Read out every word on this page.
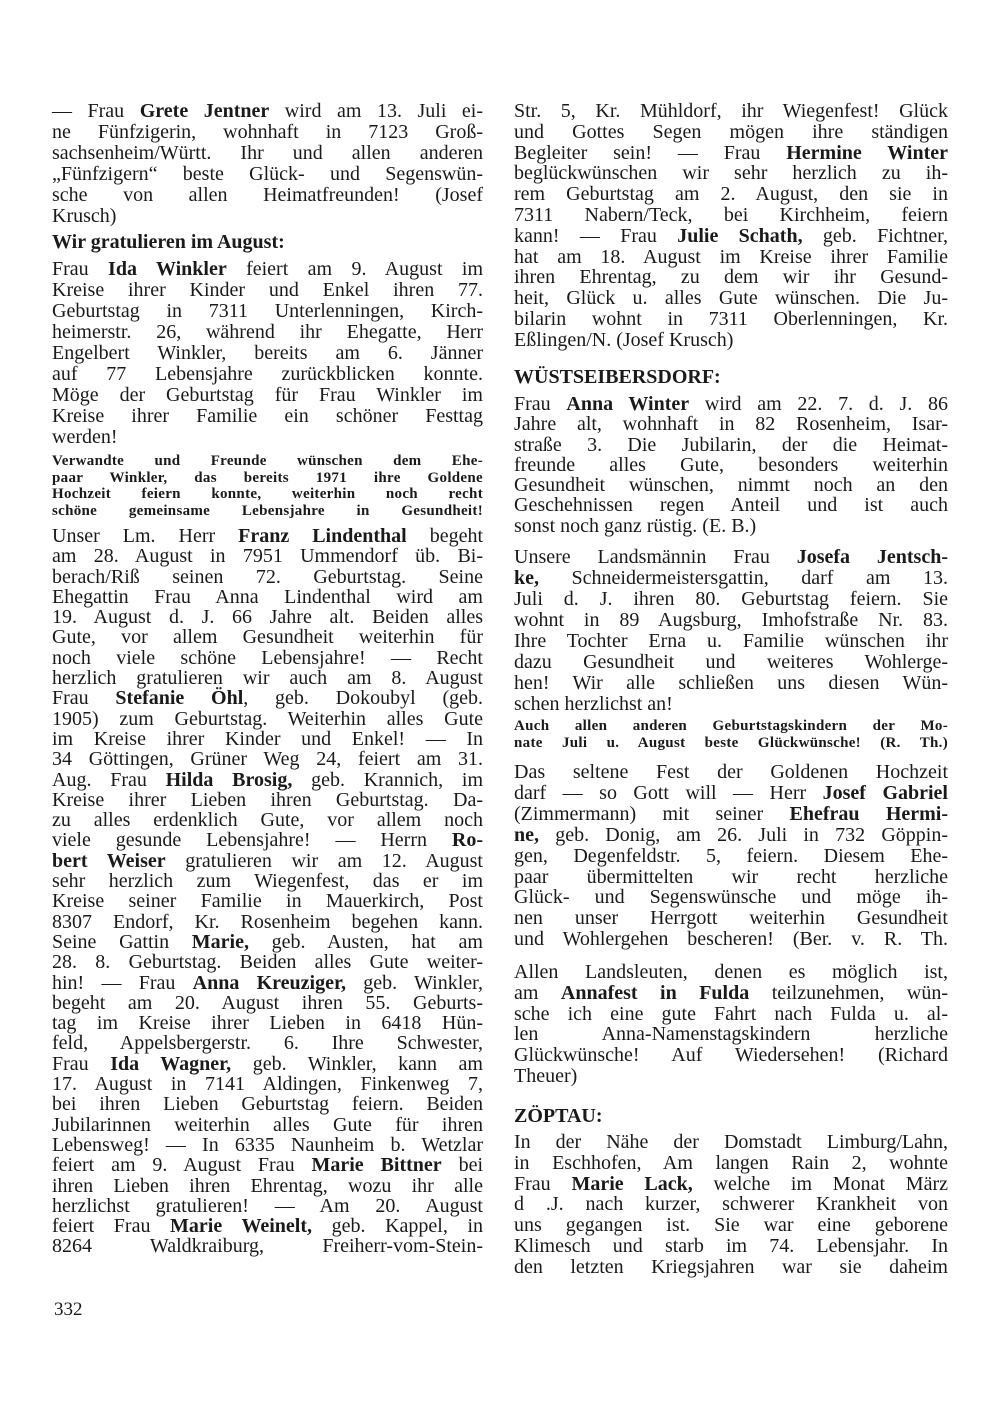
— Frau Grete Jentner wird am 13. Juli ei-
ne Fünfzigerin, wohnhaft in 7123 Groß-
sachsenheim/Württ. Ihr und allen anderen
„Fünfzigern“ beste Glück- und Segenswün-
sche von allen Heimatfreunden! (Josef
Krusch)
Wir gratulieren im August:
Frau Ida Winkler feiert am 9. August im
Kreise ihrer Kinder und Enkel ihren 77.
Geburtstag in 7311 Unterlenningen, Kirch-
heimerstr. 26, während ihr Ehegatte, Herr
Engelbert Winkler, bereits am 6. Jänner
auf 77 Lebensjahre zurückblicken konnte.
Möge der Geburtstag für Frau Winkler im
Kreise ihrer Familie ein schöner Festtag
werden!
Verwandte und Freunde wünschen dem Ehe-
paar Winkler, das bereits 1971 ihre Goldene
Hochzeit feiern konnte, weiterhin noch recht
schöne gemeinsame Lebensjahre in Gesundheit!
Unser Lm. Herr Franz Lindenthal begeht
am 28. August in 7951 Ummendorf üb. Bi-
berach/Riß seinen 72. Geburtstag. Seine
Ehegattin Frau Anna Lindenthal wird am
19. August d. J. 66 Jahre alt. Beiden alles
Gute, vor allem Gesundheit weiterhin für
noch viele schöne Lebensjahre! — Recht
herzlich gratulieren wir auch am 8. August
Frau Stefanie Öhl, geb. Dokoubyl (geb.
1905) zum Geburtstag. Weiterhin alles Gute
im Kreise ihrer Kinder und Enkel! — In
34 Göttingen, Grüner Weg 24, feiert am 31.
Aug. Frau Hilda Brosig, geb. Krannich, im
Kreise ihrer Lieben ihren Geburtstag. Da-
zu alles erdenklich Gute, vor allem noch
viele gesunde Lebensjahre! — Herrn Ro-
bert Weiser gratulieren wir am 12. August
sehr herzlich zum Wiegenfest, das er im
Kreise seiner Familie in Mauerkirch, Post
8307 Endorf, Kr. Rosenheim begehen kann.
Seine Gattin Marie, geb. Austen, hat am
28. 8. Geburtstag. Beiden alles Gute weiter-
hin! — Frau Anna Kreuziger, geb. Winkler,
begeht am 20. August ihren 55. Geburts-
tag im Kreise ihrer Lieben in 6418 Hün-
feld, Appelsbergerstr. 6. Ihre Schwester,
Frau Ida Wagner, geb. Winkler, kann am
17. August in 7141 Aldingen, Finkenweg 7,
bei ihren Lieben Geburtstag feiern. Beiden
Jubilarinnen weiterhin alles Gute für ihren
Lebensweg! — In 6335 Naunheim b. Wetzlar
feiert am 9. August Frau Marie Bittner bei
ihren Lieben ihren Ehrentag, wozu ihr alle
herzlichst gratulieren! — Am 20. August
feiert Frau Marie Weinelt, geb. Kappel, in
8264 Waldkraiburg, Freiherr-vom-Stein-
332
Str. 5, Kr. Mühldorf, ihr Wiegenfest! Glück
und Gottes Segen mögen ihre ständigen
Begleiter sein! — Frau Hermine Winter
beglückwünschen wir sehr herzlich zu ih-
rem Geburtstag am 2. August, den sie in
7311 Nabern/Teck, bei Kirchheim, feiern
kann! — Frau Julie Schath, geb. Fichtner,
hat am 18. August im Kreise ihrer Familie
ihren Ehrentag, zu dem wir ihr Gesund-
heit, Glück u. alles Gute wünschen. Die Ju-
bilarin wohnt in 7311 Oberlenningen, Kr.
Eßlingen/N. (Josef Krusch)
WÜSTSEIBERSDORF:
Frau Anna Winter wird am 22. 7. d. J. 86
Jahre alt, wohnhaft in 82 Rosenheim, Isar-
straße 3. Die Jubilarin, der die Heimat-
freunde alles Gute, besonders weiterhin
Gesundheit wünschen, nimmt noch an den
Geschehnissen regen Anteil und ist auch
sonst noch ganz rüstig. (E. B.)
Unsere Landsmännin Frau Josefa Jentsch-
ke, Schneidermeistersgattin, darf am 13.
Juli d. J. ihren 80. Geburtstag feiern. Sie
wohnt in 89 Augsburg, Imhofstraße Nr. 83.
Ihre Tochter Erna u. Familie wünschen ihr
dazu Gesundheit und weiteres Wohlerge-
hen! Wir alle schließen uns diesen Wün-
schen herzlichst an!
Auch allen anderen Geburtstagskindern der Mo-
nate Juli u. August beste Glückwünsche! (R. Th.)
Das seltene Fest der Goldenen Hochzeit
darf — so Gott will — Herr Josef Gabriel
(Zimmermann) mit seiner Ehefrau Hermi-
ne, geb. Donig, am 26. Juli in 732 Göppin-
gen, Degenfeldstr. 5, feiern. Diesem Ehe-
paar übermittelten wir recht herzliche
Glück- und Segenswünsche und möge ih-
nen unser Herrgott weiterhin Gesundheit
und Wohlergehen bescheren! (Ber. v. R. Th.
Allen Landsleuten, denen es möglich ist,
am Annafest in Fulda teilzunehmen, wün-
sche ich eine gute Fahrt nach Fulda u. al-
len Anna-Namenstagskindern herzliche
Glückwünsche! Auf Wiedersehen! (Richard
Theuer)
ZÖPTAU:
In der Nähe der Domstadt Limburg/Lahn,
in Eschhofen, Am langen Rain 2, wohnte
Frau Marie Lack, welche im Monat März
d .J. nach kurzer, schwerer Krankheit von
uns gegangen ist. Sie war eine geborene
Klimesch und starb im 74. Lebensjahr. In
den letzten Kriegsjahren war sie daheim
